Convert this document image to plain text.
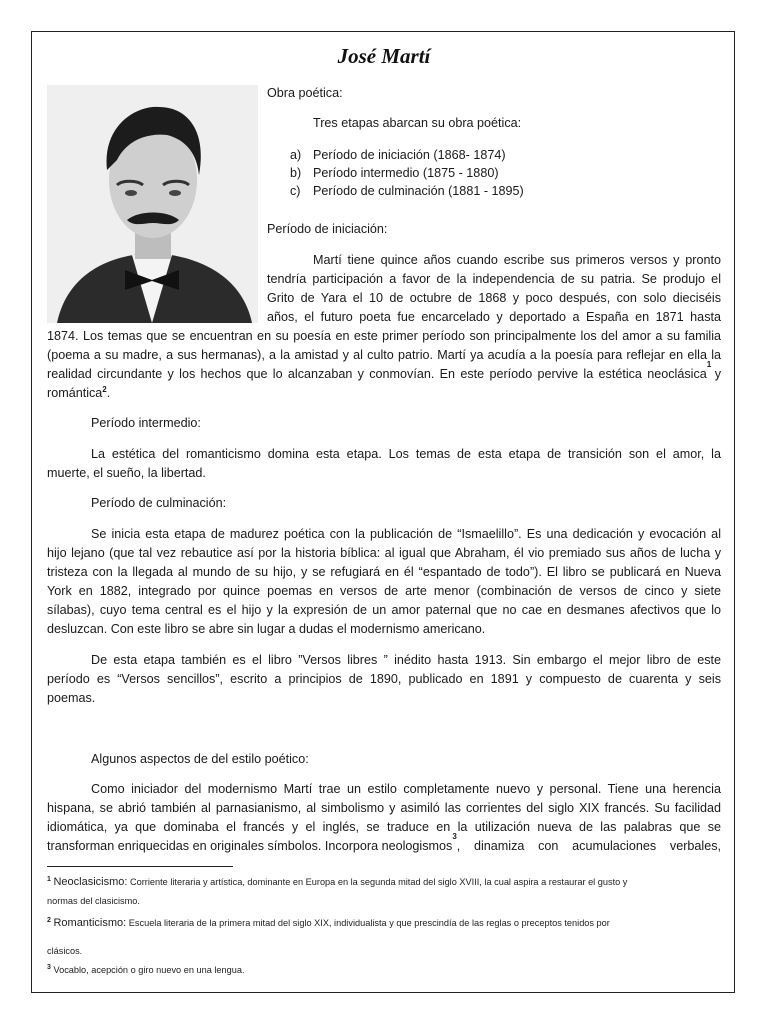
José Martí
Obra poética:
Tres etapas abarcan su obra poética:
a) Período de iniciación (1868- 1874)
b) Período intermedio (1875 - 1880)
c) Período de culminación (1881 - 1895)
Período de iniciación:
Martí tiene quince años cuando escribe sus primeros versos y pronto
tendría participación a favor de la independencia de su patria. Se produjo el
Grito de Yara el 10 de octubre de 1868 y poco después, con solo dieciséis
años, el futuro poeta fue encarcelado y deportado a España en 1871 hasta
1874. Los temas que se encuentran en su poesía en este primer período son principalmente los del amor a su familia
(poema a su madre, a sus hermanas), a la amistad y al culto patrio. Martí ya acudía a la poesía para reflejar en ella la
realidad circundante y los hechos que lo alcanzaban y conmovían. En este período pervive la estética neoclásica
1
y
romántica$^2$.
Período intermedio:
La estética del romanticismo domina esta etapa. Los temas de esta etapa de transición son el amor, la
muerte, el sueño, la libertad.
Período de culminación:
Se inicia esta etapa de madurez poética con la publicación de “Ismaelillo”. Es una dedicación y evocación al
hijo lejano (que tal vez rebautice así por la historia bíblica: al igual que Abraham, él vio premiado sus años de lucha y
tristeza con la llegada al mundo de su hijo, y se refugiará en él “espantado de todo”). El libro se publicará en Nueva
York en 1882, integrado por quince poemas en versos de arte menor (combinación de versos de cinco y siete
sílabas), cuyo tema central es el hijo y la expresión de un amor paternal que no cae en desmanes afectivos que lo
desluzcan. Con este libro se abre sin lugar a dudas el modernismo americano.
De esta etapa también es el libro ”Versos libres ” inédito hasta 1913. Sin embargo el mejor libro de este
período es “Versos sencillos”, escrito a principios de 1890, publicado en 1891 y compuesto de cuarenta y seis
poemas.
Algunos aspectos de del estilo poético:
Como iniciador del modernismo Martí trae un estilo completamente nuevo y personal. Tiene una herencia
hispana, se abrió también al parnasianismo, al simbolismo y asimiló las corrientes del siglo XIX francés. Su facilidad
idiomática, ya que dominaba el francés y el inglés, se traduce en la utilización nueva de las palabras que se
transforman enriquecidas en originales símbolos. Incorpora neologismos
3
, dinamiza con acumulaciones verbales,
$^1$ Neoclasicismo: Corriente literaria y artística, dominante en Europa en la segunda mitad del siglo XVIII, la cual aspira a restaurar el gusto y
normas del clasicismo.
$^2$ Romanticismo: Escuela literaria de la primera mitad del siglo XIX, individualista y que prescindía de las reglas o preceptos tenidos por
clásicos.
$^3$ Vocablo, acepción o giro nuevo en una lengua.
